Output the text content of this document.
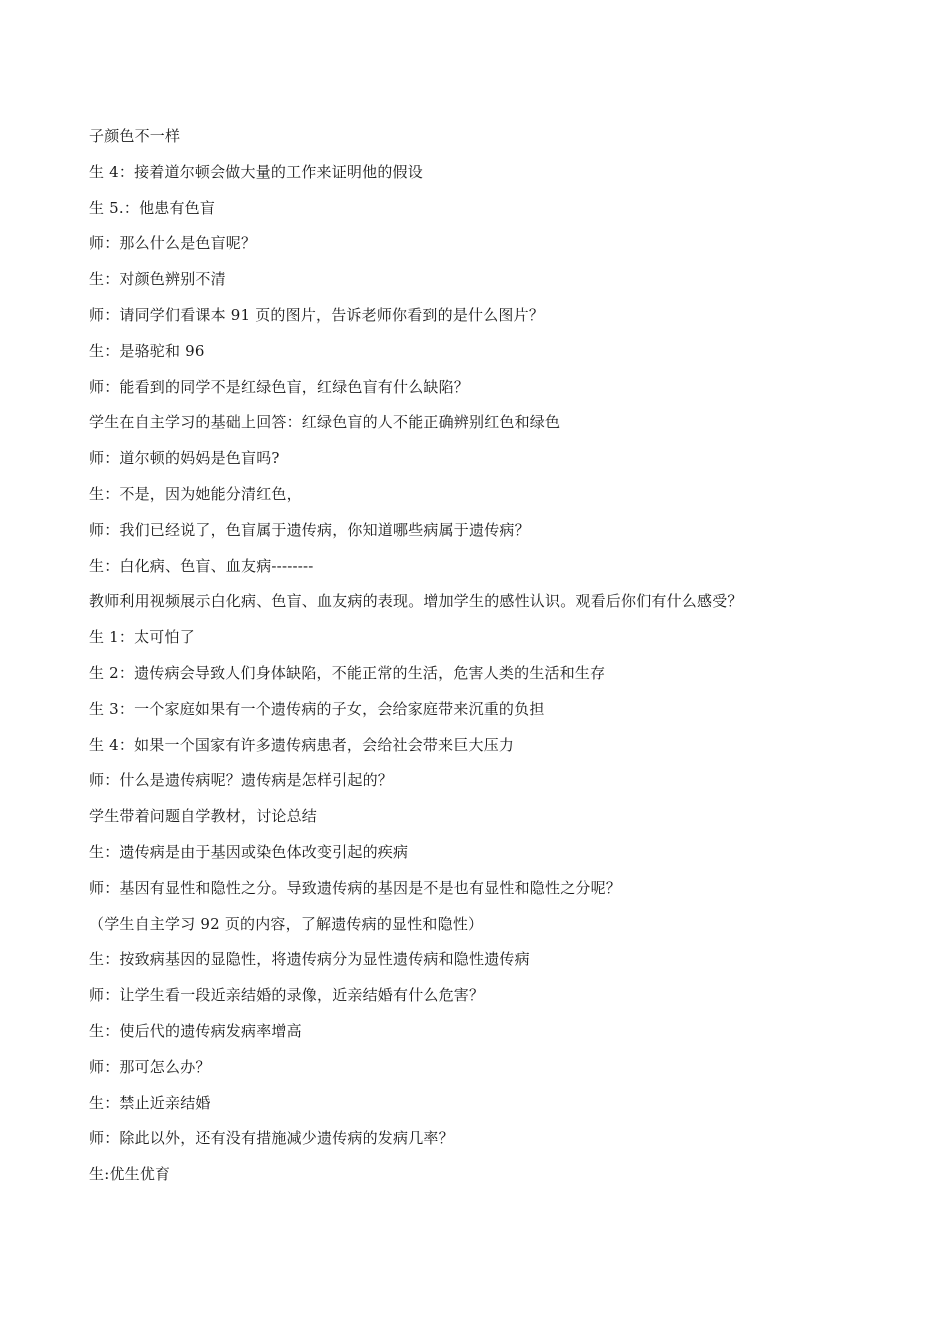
子颜色不一样
生 4：接着道尔顿会做大量的工作来证明他的假设
生 5.：他患有色盲
师：那么什么是色盲呢？
生：对颜色辨别不清
师：请同学们看课本 91 页的图片，告诉老师你看到的是什么图片？
生：是骆驼和 96
师：能看到的同学不是红绿色盲，红绿色盲有什么缺陷？
学生在自主学习的基础上回答：红绿色盲的人不能正确辨别红色和绿色
师：道尔顿的妈妈是色盲吗?
生：不是，因为她能分清红色，
师：我们已经说了，色盲属于遗传病，你知道哪些病属于遗传病？
生：白化病、色盲、血友病--------
教师利用视频展示白化病、色盲、血友病的表现。增加学生的感性认识。观看后你们有什么感受？
生 1：太可怕了
生 2：遗传病会导致人们身体缺陷，不能正常的生活，危害人类的生活和生存
生 3：一个家庭如果有一个遗传病的子女，会给家庭带来沉重的负担
生 4：如果一个国家有许多遗传病患者，会给社会带来巨大压力
师：什么是遗传病呢？遗传病是怎样引起的？
学生带着问题自学教材，讨论总结
生：遗传病是由于基因或染色体改变引起的疾病
师：基因有显性和隐性之分。导致遗传病的基因是不是也有显性和隐性之分呢？
（学生自主学习 92 页的内容，了解遗传病的显性和隐性）
生：按致病基因的显隐性，将遗传病分为显性遗传病和隐性遗传病
师：让学生看一段近亲结婚的录像，近亲结婚有什么危害？
生：使后代的遗传病发病率增高
师：那可怎么办？
生：禁止近亲结婚
师：除此以外，还有没有措施减少遗传病的发病几率？
生:优生优育
